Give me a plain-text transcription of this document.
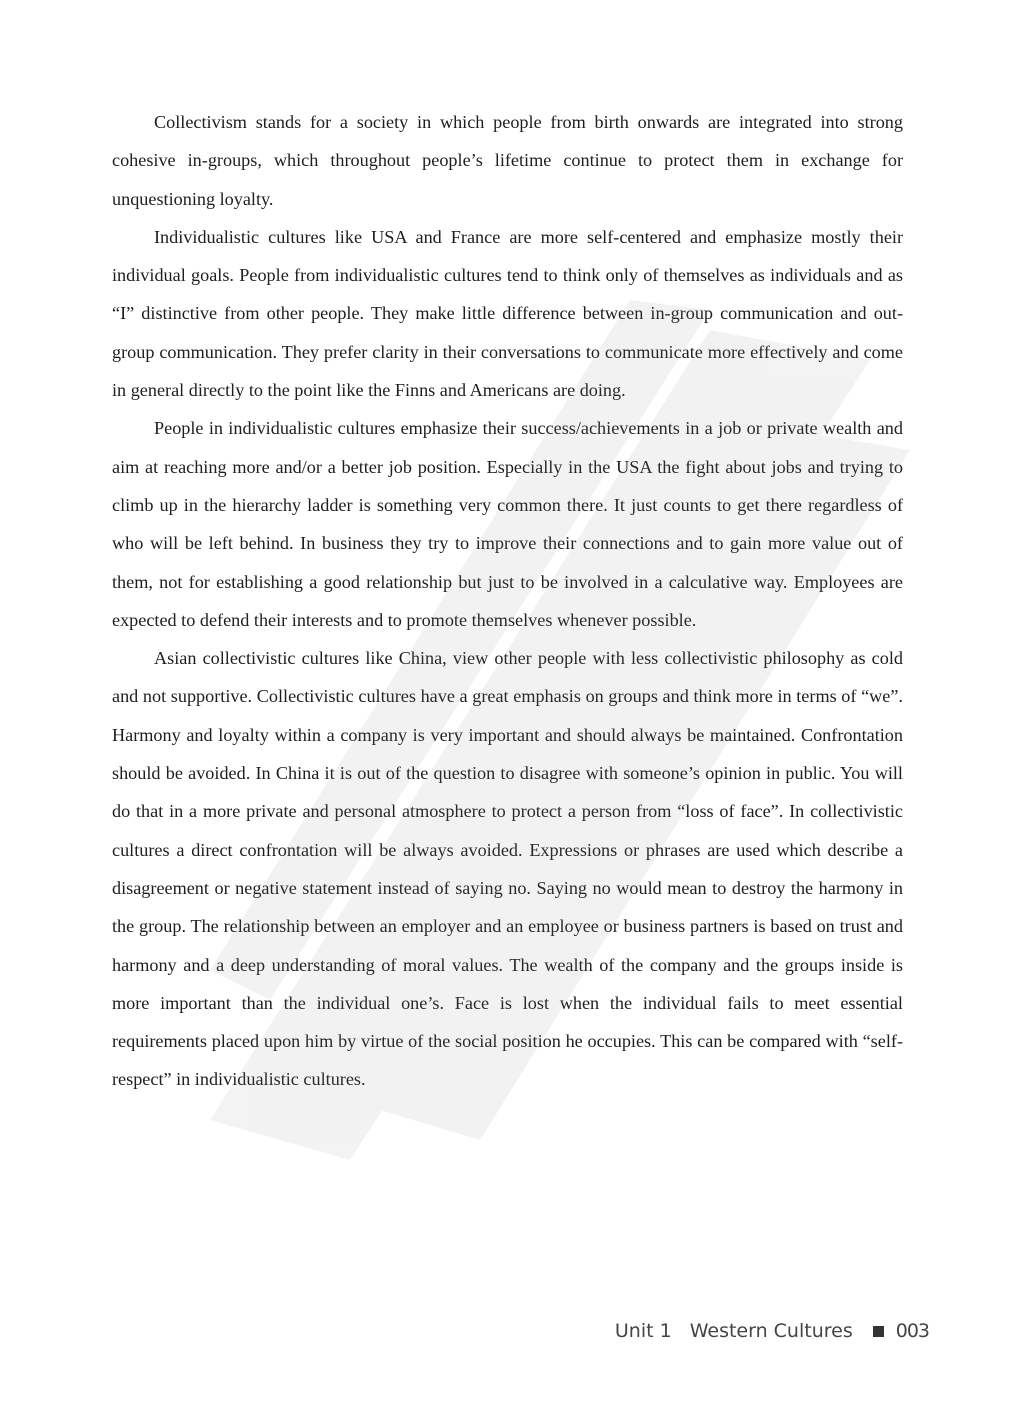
Collectivism stands for a society in which people from birth onwards are integrated into strong cohesive in-groups, which throughout people’s lifetime continue to protect them in exchange for unquestioning loyalty.

Individualistic cultures like USA and France are more self-centered and emphasize mostly their individual goals. People from individualistic cultures tend to think only of themselves as individuals and as “I” distinctive from other people. They make little difference between in-group communication and out-group communication. They prefer clarity in their conversations to communicate more effectively and come in general directly to the point like the Finns and Americans are doing.

People in individualistic cultures emphasize their success/achievements in a job or private wealth and aim at reaching more and/or a better job position. Especially in the USA the fight about jobs and trying to climb up in the hierarchy ladder is something very common there. It just counts to get there regardless of who will be left behind. In business they try to improve their connections and to gain more value out of them, not for establishing a good relationship but just to be involved in a calculative way. Employees are expected to defend their interests and to promote themselves whenever possible.

Asian collectivistic cultures like China, view other people with less collectivistic philosophy as cold and not supportive. Collectivistic cultures have a great emphasis on groups and think more in terms of “we”. Harmony and loyalty within a company is very important and should always be maintained. Confrontation should be avoided. In China it is out of the question to disagree with someone’s opinion in public. You will do that in a more private and personal atmosphere to protect a person from “loss of face”. In collectivistic cultures a direct confrontation will be always avoided. Expressions or phrases are used which describe a disagreement or negative statement instead of saying no. Saying no would mean to destroy the harmony in the group. The relationship between an employer and an employee or business partners is based on trust and harmony and a deep understanding of moral values. The wealth of the company and the groups inside is more important than the individual one’s. Face is lost when the individual fails to meet essential requirements placed upon him by virtue of the social position he occupies. This can be compared with “self-respect” in individualistic cultures.

Unit 1 Western Cultures 003
